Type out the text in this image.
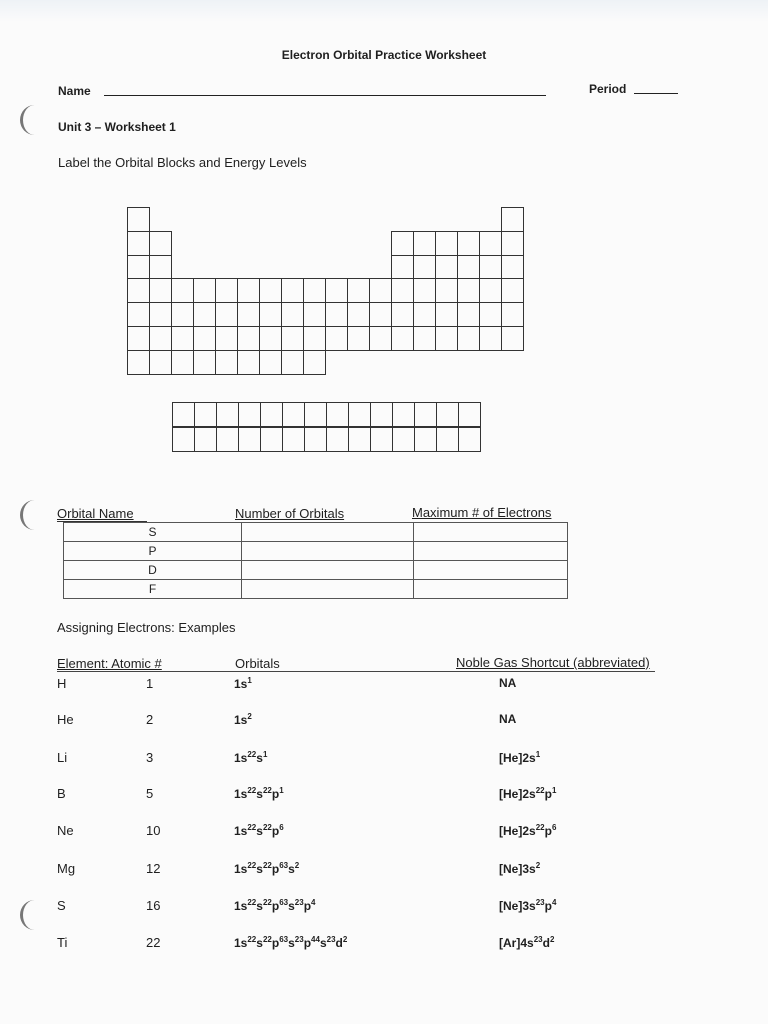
Electron Orbital Practice Worksheet
Name	Period
Unit 3 – Worksheet 1
Label the Orbital Blocks and Energy Levels
Orbital Name	Number of Orbitals	Maximum # of Electrons
S		
P		
D		
F		
Assigning Electrons: Examples
Element: Atomic #	Orbitals	Noble Gas Shortcut (abbreviated)
H	1	$1s^1$	NA
He	2	$1s^2$	NA
Li	3	$1s^{22}s^1$	$[He]2s^1$
B	5	$1s^{22}s^{22}p^1$	$[He]2s^{22}p^1$
Ne	10	$1s^{22}s^{22}p^6$	$[He]2s^{22}p^6$
Mg	12	$1s^{22}s^{22}p^{63}s^2$	$[Ne]3s^2$
S	16	$1s^{22}s^{22}p^{63}s^{23}p^4$	$[Ne]3s^{23}p^4$
Ti	22	$1s^{22}s^{22}p^{63}s^{23}p^{44}s^{23}d^2$	$[Ar]4s^{23}d^2$
